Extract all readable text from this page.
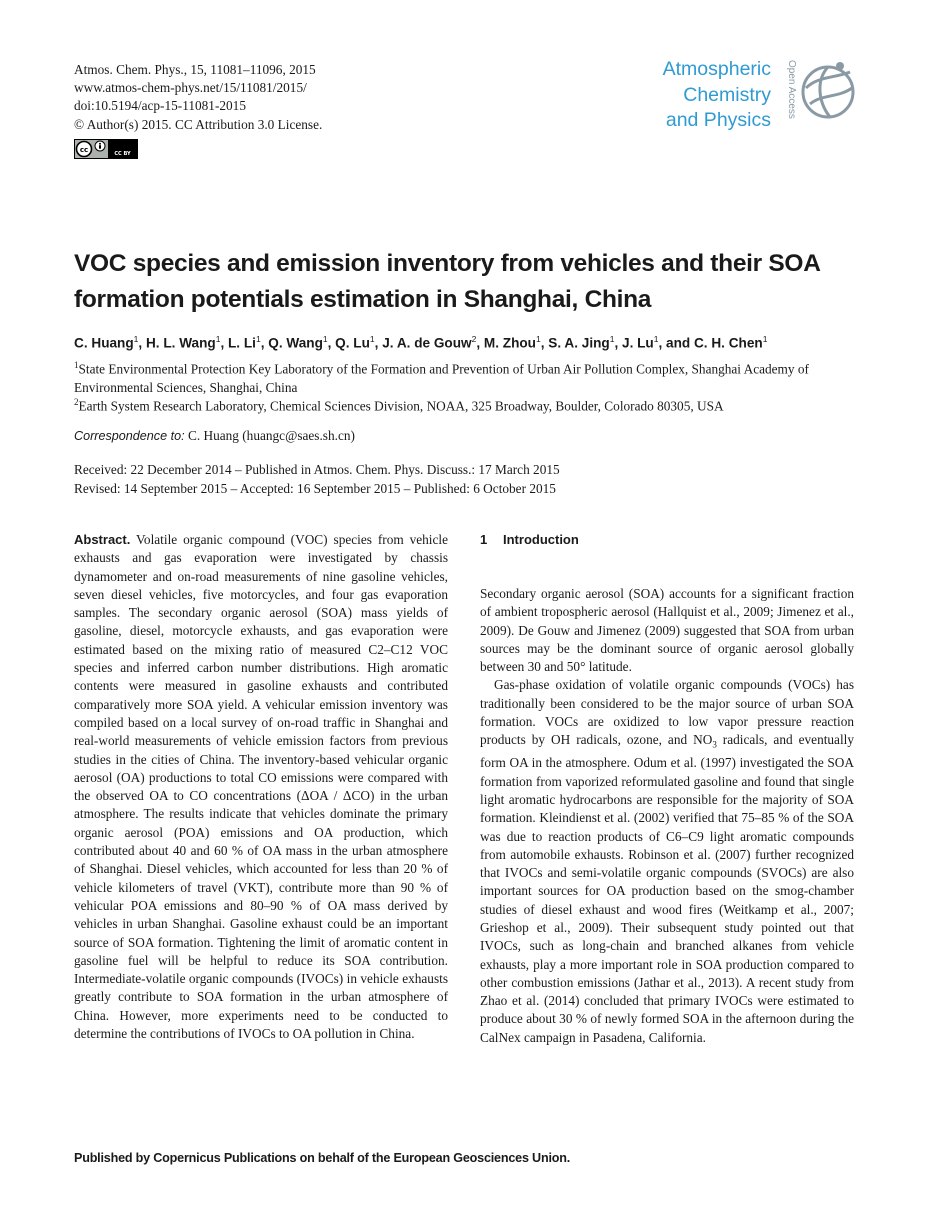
Atmos. Chem. Phys., 15, 11081–11096, 2015
www.atmos-chem-phys.net/15/11081/2015/
doi:10.5194/acp-15-11081-2015
© Author(s) 2015. CC Attribution 3.0 License.
cc	CC BY
Atmospheric
Chemistry
and Physics
Open Access
VOC species and emission inventory from vehicles and their SOA formation potentials estimation in Shanghai, China
C. Huang$^1$, H. L. Wang$^1$, L. Li$^1$, Q. Wang$^1$, Q. Lu$^1$, J. A. de Gouw$^2$, M. Zhou$^1$, S. A. Jing$^1$, J. Lu$^1$, and C. H. Chen$^1$
$^1$State Environmental Protection Key Laboratory of the Formation and Prevention of Urban Air Pollution Complex, Shanghai Academy of Environmental Sciences, Shanghai, China
$^2$Earth System Research Laboratory, Chemical Sciences Division, NOAA, 325 Broadway, Boulder, Colorado 80305, USA
Correspondence to: C. Huang (huangc@saes.sh.cn)
Received: 22 December 2014 – Published in Atmos. Chem. Phys. Discuss.: 17 March 2015
Revised: 14 September 2015 – Accepted: 16 September 2015 – Published: 6 October 2015

Abstract. Volatile organic compound (VOC) species from vehicle exhausts and gas evaporation were investigated by chassis dynamometer and on-road measurements of nine gasoline vehicles, seven diesel vehicles, five motorcycles, and four gas evaporation samples. The secondary organic aerosol (SOA) mass yields of gasoline, diesel, motorcycle exhausts, and gas evaporation were estimated based on the mixing ratio of measured C2–C12 VOC species and inferred carbon number distributions. High aromatic contents were measured in gasoline exhausts and contributed comparatively more SOA yield. A vehicular emission inventory was compiled based on a local survey of on-road traffic in Shanghai and real-world measurements of vehicle emission factors from previous studies in the cities of China. The inventory-based vehicular organic aerosol (OA) productions to total CO emissions were compared with the observed OA to CO concentrations (ΔOA / ΔCO) in the urban atmosphere. The results indicate that vehicles dominate the primary organic aerosol (POA) emissions and OA production, which contributed about 40 and 60 % of OA mass in the urban atmosphere of Shanghai. Diesel vehicles, which accounted for less than 20 % of vehicle kilometers of travel (VKT), contribute more than 90 % of vehicular POA emissions and 80–90 % of OA mass derived by vehicles in urban Shanghai. Gasoline exhaust could be an important source of SOA formation. Tightening the limit of aromatic content in gasoline fuel will be helpful to reduce its SOA contribution. Intermediate-volatile organic compounds (IVOCs) in vehicle exhausts greatly contribute to SOA formation in the urban atmosphere of China. However, more experiments need to be conducted to determine the contributions of IVOCs to OA pollution in China.

1 Introduction

Secondary organic aerosol (SOA) accounts for a significant fraction of ambient tropospheric aerosol (Hallquist et al., 2009; Jimenez et al., 2009). De Gouw and Jimenez (2009) suggested that SOA from urban sources may be the dominant source of organic aerosol globally between 30 and 50° latitude.

Gas-phase oxidation of volatile organic compounds (VOCs) has traditionally been considered to be the major source of urban SOA formation. VOCs are oxidized to low vapor pressure reaction products by OH radicals, ozone, and $NO_3$ radicals, and eventually form OA in the atmosphere. Odum et al. (1997) investigated the SOA formation from vaporized reformulated gasoline and found that single light aromatic hydrocarbons are responsible for the majority of SOA formation. Kleindienst et al. (2002) verified that 75–85 % of the SOA was due to reaction products of C6–C9 light aromatic compounds from automobile exhausts. Robinson et al. (2007) further recognized that IVOCs and semi-volatile organic compounds (SVOCs) are also important sources for OA production based on the smog-chamber studies of diesel exhaust and wood fires (Weitkamp et al., 2007; Grieshop et al., 2009). Their subsequent study pointed out that IVOCs, such as long-chain and branched alkanes from vehicle exhausts, play a more important role in SOA production compared to other combustion emissions (Jathar et al., 2013). A recent study from Zhao et al. (2014) concluded that primary IVOCs were estimated to produce about 30 % of newly formed SOA in the afternoon during the CalNex campaign in Pasadena, California.

Published by Copernicus Publications on behalf of the European Geosciences Union.
